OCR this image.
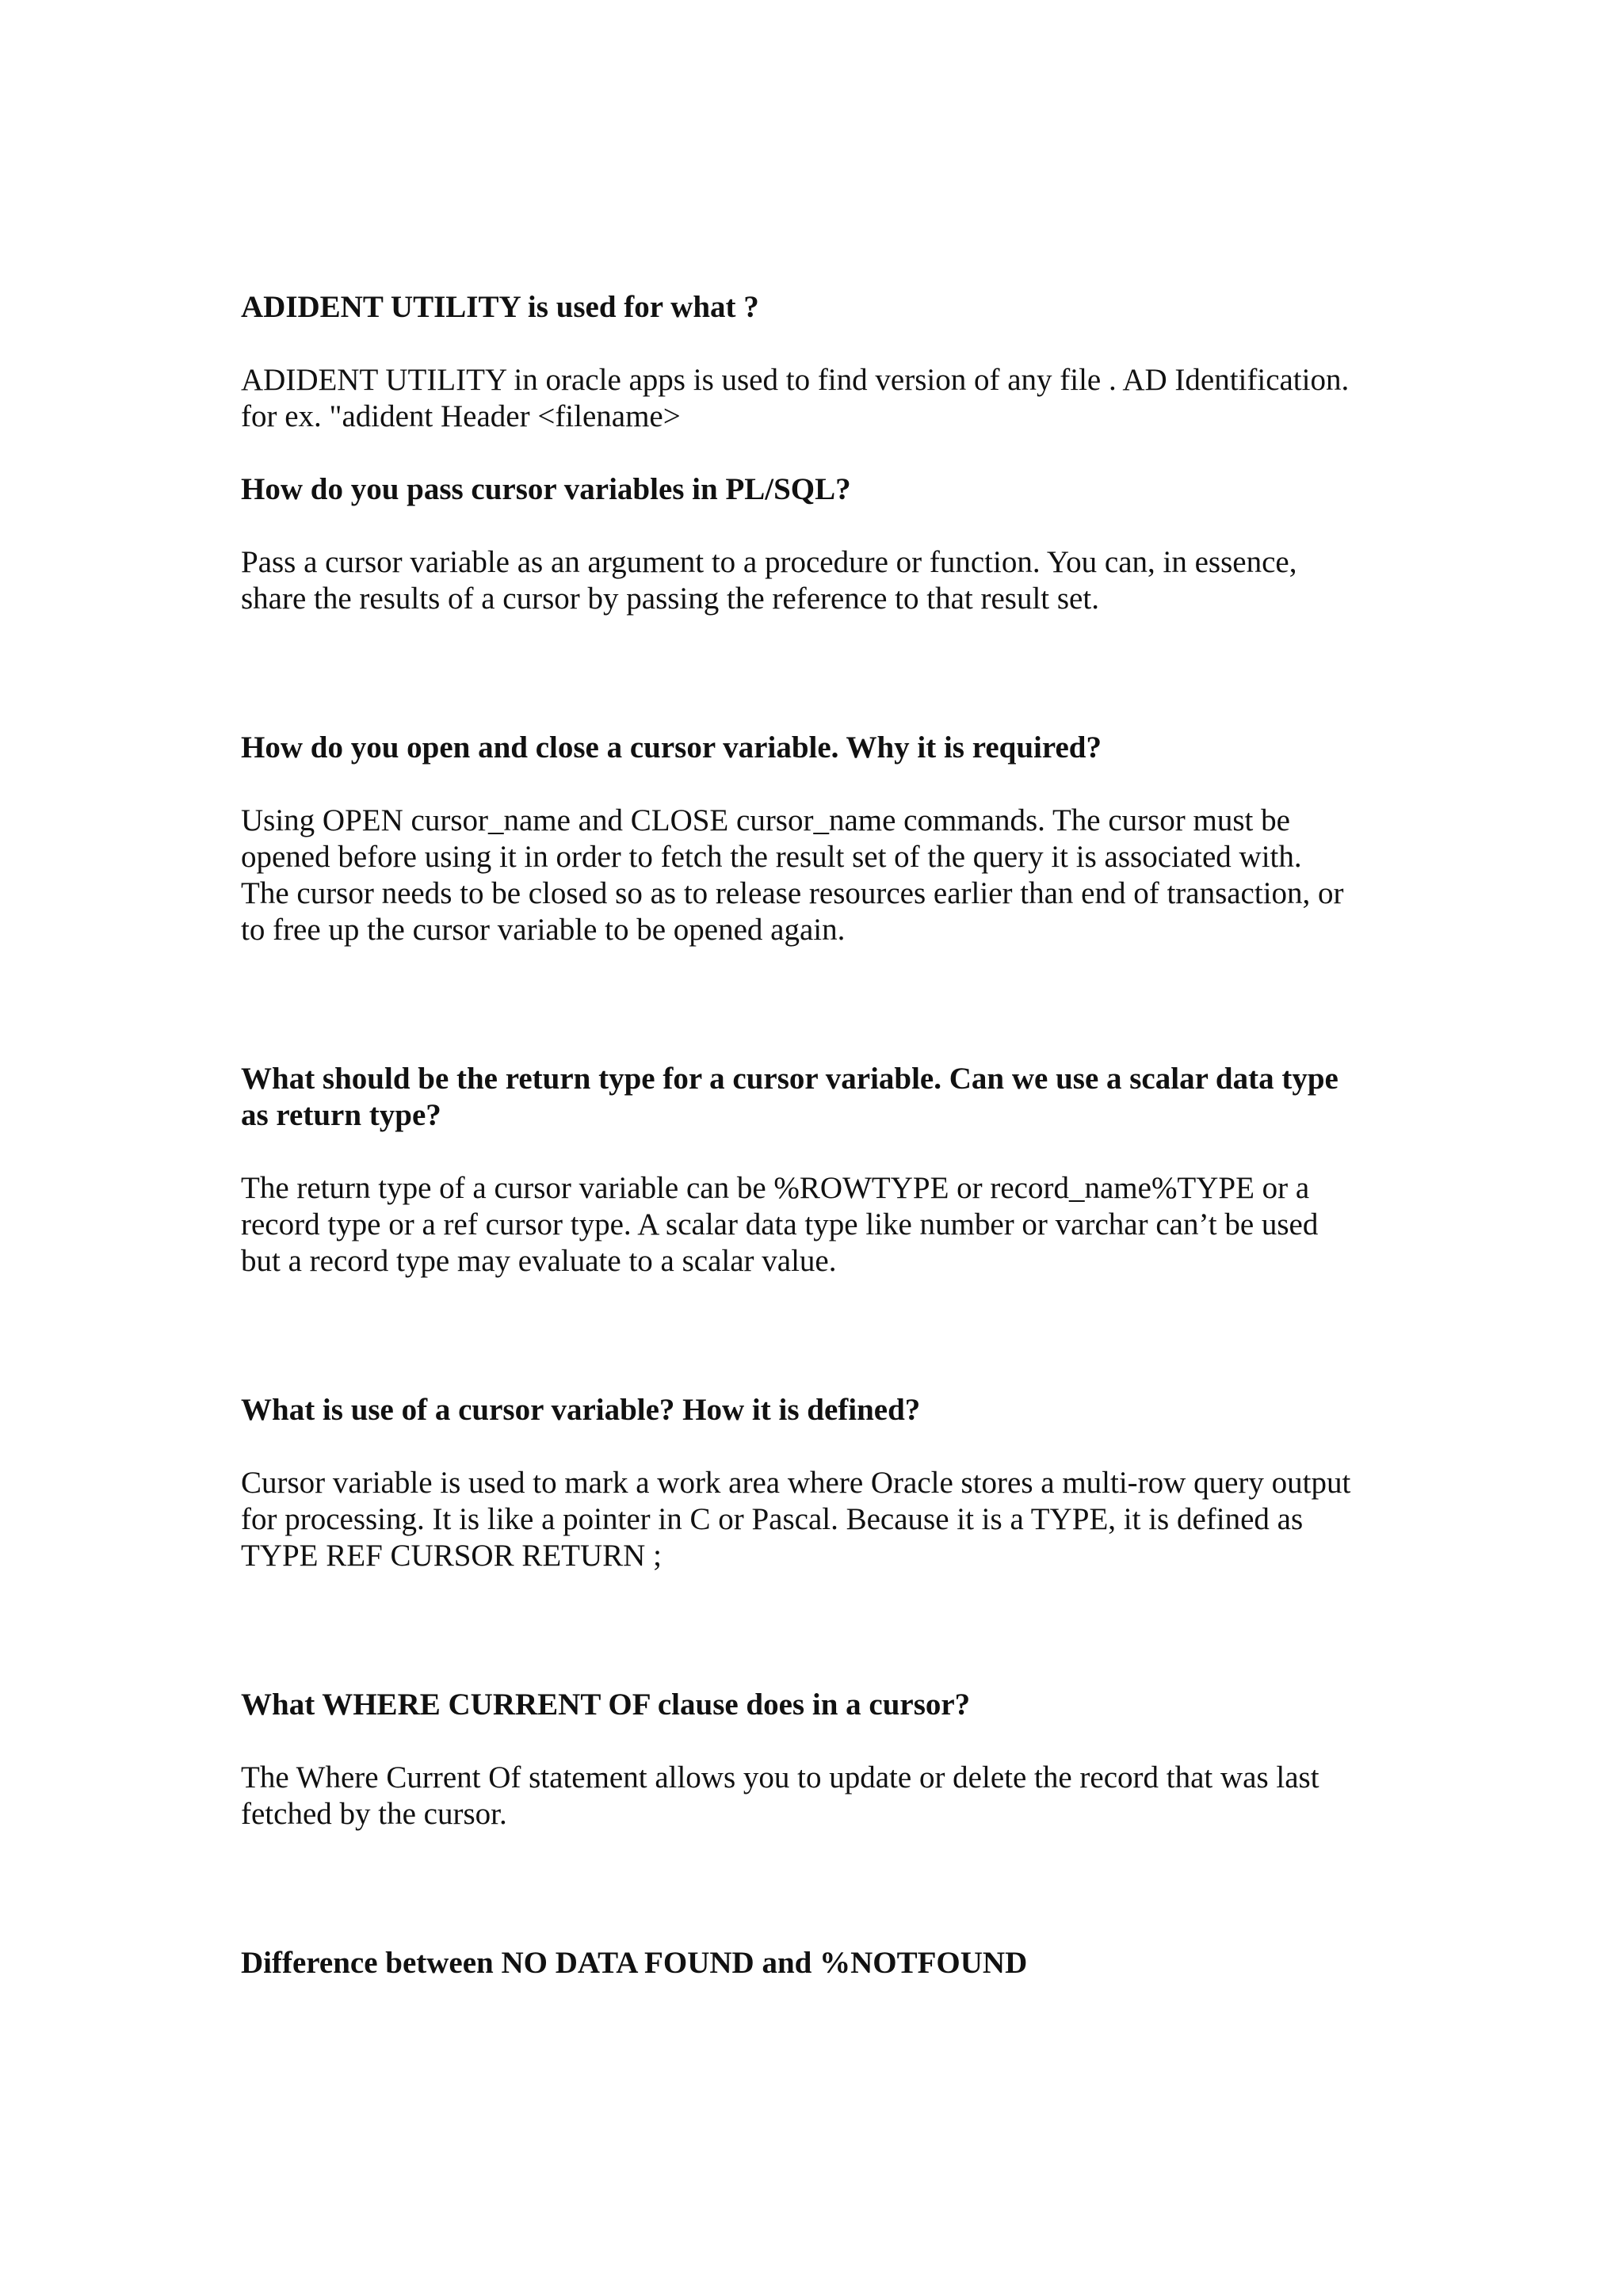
ADIDENT UTILITY is used for what ?

ADIDENT UTILITY in oracle apps is used to find version of any file . AD Identification.
for ex. "adident Header <filename>

How do you pass cursor variables in PL/SQL?

Pass a cursor variable as an argument to a procedure or function. You can, in essence,
share the results of a cursor by passing the reference to that result set.

How do you open and close a cursor variable. Why it is required?

Using OPEN cursor_name and CLOSE cursor_name commands. The cursor must be
opened before using it in order to fetch the result set of the query it is associated with.
The cursor needs to be closed so as to release resources earlier than end of transaction, or
to free up the cursor variable to be opened again.

What should be the return type for a cursor variable. Can we use a scalar data type
as return type?

The return type of a cursor variable can be %ROWTYPE or record_name%TYPE or a
record type or a ref cursor type. A scalar data type like number or varchar can’t be used
but a record type may evaluate to a scalar value.

What is use of a cursor variable? How it is defined?

Cursor variable is used to mark a work area where Oracle stores a multi-row query output
for processing. It is like a pointer in C or Pascal. Because it is a TYPE, it is defined as
TYPE REF CURSOR RETURN ;

What WHERE CURRENT OF clause does in a cursor?

The Where Current Of statement allows you to update or delete the record that was last
fetched by the cursor.

Difference between NO DATA FOUND and %NOTFOUND
